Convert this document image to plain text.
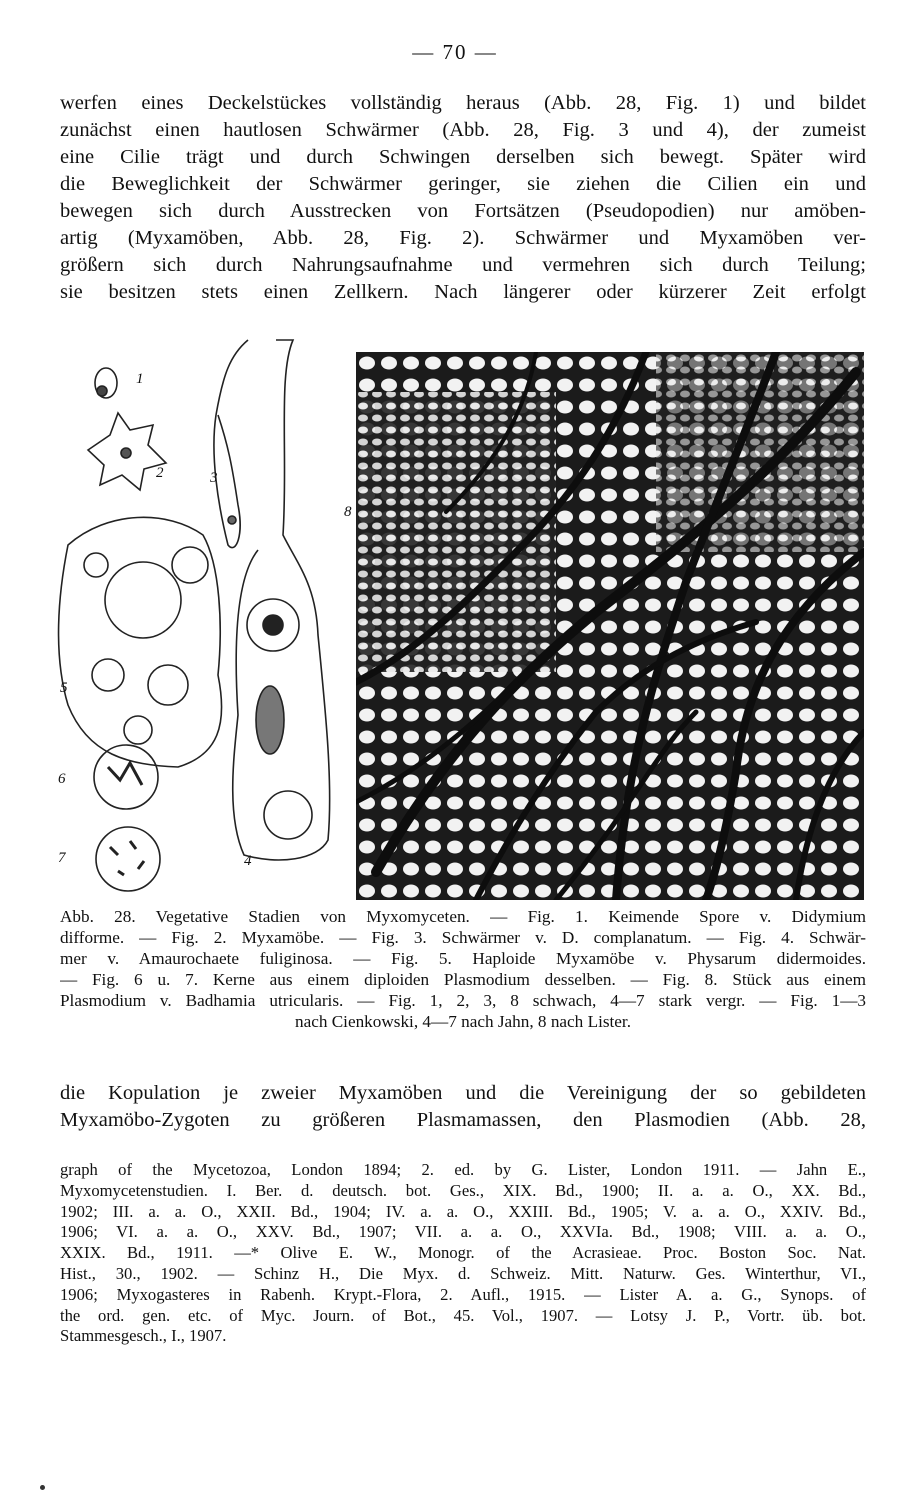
— 70 —
werfen eines Deckelstückes vollständig heraus (Abb. 28, Fig. 1) und bildet
zunächst einen hautlosen Schwärmer (Abb. 28, Fig. 3 und 4), der zumeist
eine Cilie trägt und durch Schwingen derselben sich bewegt. Später wird
die Beweglichkeit der Schwärmer geringer, sie ziehen die Cilien ein und
bewegen sich durch Ausstrecken von Fortsätzen (Pseudopodien) nur amöben-
artig (Myxamöben, Abb. 28, Fig. 2). Schwärmer und Myxamöben ver-
größern sich durch Nahrungsaufnahme und vermehren sich durch Teilung;
sie besitzen stets einen Zellkern. Nach längerer oder kürzerer Zeit erfolgt
1
2	3
4
5
6
7
8
Abb. 28. Vegetative Stadien von Myxomyceten. — Fig. 1. Keimende Spore v. Didymium
difforme. — Fig. 2. Myxamöbe. — Fig. 3. Schwärmer v. D. complanatum. — Fig. 4. Schwär-
mer v. Amaurochaete fuliginosa. — Fig. 5. Haploide Myxamöbe v. Physarum didermoides.
— Fig. 6 u. 7. Kerne aus einem diploiden Plasmodium desselben. — Fig. 8. Stück aus einem
Plasmodium v. Badhamia utricularis. — Fig. 1, 2, 3, 8 schwach, 4—7 stark vergr. — Fig. 1—3
nach Cienkowski, 4—7 nach Jahn, 8 nach Lister.
die Kopulation je zweier Myxamöben und die Vereinigung der so gebildeten
Myxamöbo-Zygoten zu größeren Plasmamassen, den Plasmodien (Abb. 28,
graph of the Mycetozoa, London 1894; 2. ed. by G. Lister, London 1911. — Jahn E.,
Myxomycetenstudien. I. Ber. d. deutsch. bot. Ges., XIX. Bd., 1900; II. a. a. O., XX. Bd.,
1902; III. a. a. O., XXII. Bd., 1904; IV. a. a. O., XXIII. Bd., 1905; V. a. a. O., XXIV. Bd.,
1906; VI. a. a. O., XXV. Bd., 1907; VII. a. a. O., XXVIa. Bd., 1908; VIII. a. a. O.,
XXIX. Bd., 1911. —* Olive E. W., Monogr. of the Acrasieae. Proc. Boston Soc. Nat.
Hist., 30., 1902. — Schinz H., Die Myx. d. Schweiz. Mitt. Naturw. Ges. Winterthur, VI.,
1906; Myxogasteres in Rabenh. Krypt.-Flora, 2. Aufl., 1915. — Lister A. a. G., Synops. of
the ord. gen. etc. of Myc. Journ. of Bot., 45. Vol., 1907. — Lotsy J. P., Vortr. üb. bot.
Stammesgesch., I., 1907.
